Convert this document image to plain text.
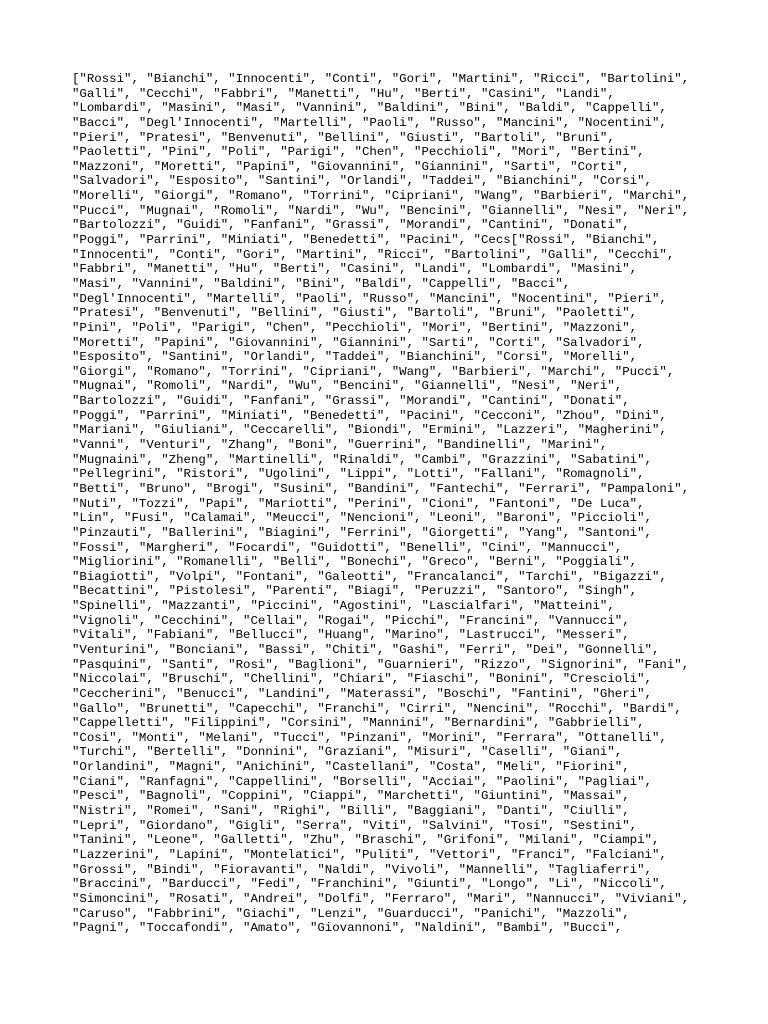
["Rossi", "Bianchi", "Innocenti", "Conti", "Gori", "Martini", "Ricci", "Bartolini",
"Galli", "Cecchi", "Fabbri", "Manetti", "Hu", "Berti", "Casini", "Landi",
"Lombardi", "Masini", "Masi", "Vannini", "Baldini", "Bini", "Baldi", "Cappelli",
"Bacci", "Degl'Innocenti", "Martelli", "Paoli", "Russo", "Mancini", "Nocentini",
"Pieri", "Pratesi", "Benvenuti", "Bellini", "Giusti", "Bartoli", "Bruni",
"Paoletti", "Pini", "Poli", "Parigi", "Chen", "Pecchioli", "Mori", "Bertini",
"Mazzoni", "Moretti", "Papini", "Giovannini", "Giannini", "Sarti", "Corti",
"Salvadori", "Esposito", "Santini", "Orlandi", "Taddei", "Bianchini", "Corsi",
"Morelli", "Giorgi", "Romano", "Torrini", "Cipriani", "Wang", "Barbieri", "Marchi",
"Pucci", "Mugnai", "Romoli", "Nardi", "Wu", "Bencini", "Giannelli", "Nesi", "Neri",
"Bartolozzi", "Guidi", "Fanfani", "Grassi", "Morandi", "Cantini", "Donati",
"Poggi", "Parrini", "Miniati", "Benedetti", "Pacini", "Cecs["Rossi", "Bianchi",
"Innocenti", "Conti", "Gori", "Martini", "Ricci", "Bartolini", "Galli", "Cecchi",
"Fabbri", "Manetti", "Hu", "Berti", "Casini", "Landi", "Lombardi", "Masini",
"Masi", "Vannini", "Baldini", "Bini", "Baldi", "Cappelli", "Bacci",
"Degl'Innocenti", "Martelli", "Paoli", "Russo", "Mancini", "Nocentini", "Pieri",
"Pratesi", "Benvenuti", "Bellini", "Giusti", "Bartoli", "Bruni", "Paoletti",
"Pini", "Poli", "Parigi", "Chen", "Pecchioli", "Mori", "Bertini", "Mazzoni",
"Moretti", "Papini", "Giovannini", "Giannini", "Sarti", "Corti", "Salvadori",
"Esposito", "Santini", "Orlandi", "Taddei", "Bianchini", "Corsi", "Morelli",
"Giorgi", "Romano", "Torrini", "Cipriani", "Wang", "Barbieri", "Marchi", "Pucci",
"Mugnai", "Romoli", "Nardi", "Wu", "Bencini", "Giannelli", "Nesi", "Neri",
"Bartolozzi", "Guidi", "Fanfani", "Grassi", "Morandi", "Cantini", "Donati",
"Poggi", "Parrini", "Miniati", "Benedetti", "Pacini", "Cecconi", "Zhou", "Dini",
"Mariani", "Giuliani", "Ceccarelli", "Biondi", "Ermini", "Lazzeri", "Magherini",
"Vanni", "Venturi", "Zhang", "Boni", "Guerrini", "Bandinelli", "Marini",
"Mugnaini", "Zheng", "Martinelli", "Rinaldi", "Cambi", "Grazzini", "Sabatini",
"Pellegrini", "Ristori", "Ugolini", "Lippi", "Lotti", "Fallani", "Romagnoli",
"Betti", "Bruno", "Brogi", "Susini", "Bandini", "Fantechi", "Ferrari", "Pampaloni",
"Nuti", "Tozzi", "Papi", "Mariotti", "Perini", "Cioni", "Fantoni", "De Luca",
"Lin", "Fusi", "Calamai", "Meucci", "Nencioni", "Leoni", "Baroni", "Piccioli",
"Pinzauti", "Ballerini", "Biagini", "Ferrini", "Giorgetti", "Yang", "Santoni",
"Fossi", "Margheri", "Focardi", "Guidotti", "Benelli", "Cini", "Mannucci",
"Migliorini", "Romanelli", "Belli", "Bonechi", "Greco", "Berni", "Poggiali",
"Biagiotti", "Volpi", "Fontani", "Galeotti", "Francalanci", "Tarchi", "Bigazzi",
"Becattini", "Pistolesi", "Parenti", "Biagi", "Peruzzi", "Santoro", "Singh",
"Spinelli", "Mazzanti", "Piccini", "Agostini", "Lascialfari", "Matteini",
"Vignoli", "Cecchini", "Cellai", "Rogai", "Picchi", "Francini", "Vannucci",
"Vitali", "Fabiani", "Bellucci", "Huang", "Marino", "Lastrucci", "Messeri",
"Venturini", "Bonciani", "Bassi", "Chiti", "Gashi", "Ferri", "Dei", "Gonnelli",
"Pasquini", "Santi", "Rosi", "Baglioni", "Guarnieri", "Rizzo", "Signorini", "Fani",
"Niccolai", "Bruschi", "Chellini", "Chiari", "Fiaschi", "Bonini", "Crescioli",
"Ceccherini", "Benucci", "Landini", "Materassi", "Boschi", "Fantini", "Gheri",
"Gallo", "Brunetti", "Capecchi", "Franchi", "Cirri", "Nencini", "Rocchi", "Bardi",
"Cappelletti", "Filippini", "Corsini", "Mannini", "Bernardini", "Gabbrielli",
"Cosi", "Monti", "Melani", "Tucci", "Pinzani", "Morini", "Ferrara", "Ottanelli",
"Turchi", "Bertelli", "Donnini", "Graziani", "Misuri", "Caselli", "Giani",
"Orlandini", "Magni", "Anichini", "Castellani", "Costa", "Meli", "Fiorini",
"Ciani", "Ranfagni", "Cappellini", "Borselli", "Acciai", "Paolini", "Pagliai",
"Pesci", "Bagnoli", "Coppini", "Ciappi", "Marchetti", "Giuntini", "Massai",
"Nistri", "Romei", "Sani", "Righi", "Billi", "Baggiani", "Danti", "Ciulli",
"Lepri", "Giordano", "Gigli", "Serra", "Viti", "Salvini", "Tosi", "Sestini",
"Tanini", "Leone", "Galletti", "Zhu", "Braschi", "Grifoni", "Milani", "Ciampi",
"Lazzerini", "Lapini", "Montelatici", "Puliti", "Vettori", "Franci", "Falciani",
"Grossi", "Bindi", "Fioravanti", "Naldi", "Vivoli", "Mannelli", "Tagliaferri",
"Braccini", "Barducci", "Fedi", "Franchini", "Giunti", "Longo", "Li", "Niccoli",
"Simoncini", "Rosati", "Andrei", "Dolfi", "Ferraro", "Mari", "Nannucci", "Viviani",
"Caruso", "Fabbrini", "Giachi", "Lenzi", "Guarducci", "Panichi", "Mazzoli",
"Pagni", "Toccafondi", "Amato", "Giovannoni", "Naldini", "Bambi", "Bucci",
